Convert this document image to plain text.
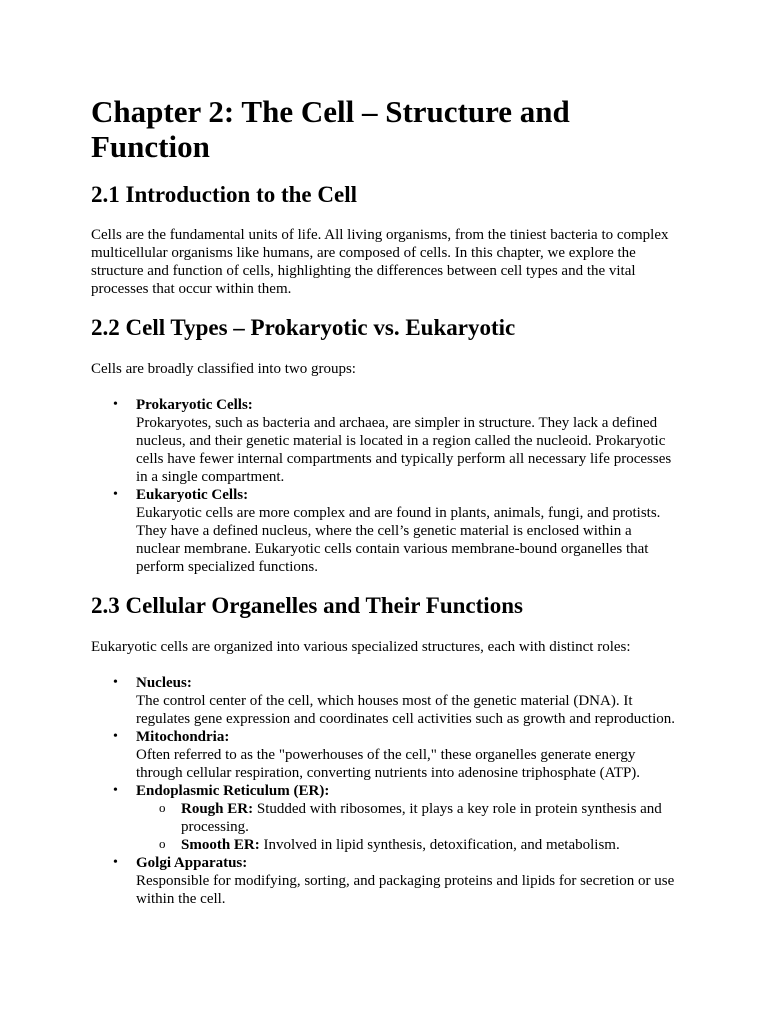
Chapter 2: The Cell – Structure and Function
2.1 Introduction to the Cell

Cells are the fundamental units of life. All living organisms, from the tiniest bacteria to complex multicellular organisms like humans, are composed of cells. In this chapter, we explore the structure and function of cells, highlighting the differences between cell types and the vital processes that occur within them.

2.2 Cell Types – Prokaryotic vs. Eukaryotic

Cells are broadly classified into two groups:

• Prokaryotic Cells:
Prokaryotes, such as bacteria and archaea, are simpler in structure. They lack a defined nucleus, and their genetic material is located in a region called the nucleoid. Prokaryotic cells have fewer internal compartments and typically perform all necessary life processes in a single compartment.
• Eukaryotic Cells:
Eukaryotic cells are more complex and are found in plants, animals, fungi, and protists. They have a defined nucleus, where the cell’s genetic material is enclosed within a nuclear membrane. Eukaryotic cells contain various membrane-bound organelles that perform specialized functions.
2.3 Cellular Organelles and Their Functions

Eukaryotic cells are organized into various specialized structures, each with distinct roles:

• Nucleus:
The control center of the cell, which houses most of the genetic material (DNA). It regulates gene expression and coordinates cell activities such as growth and reproduction.
• Mitochondria:
Often referred to as the "powerhouses of the cell," these organelles generate energy through cellular respiration, converting nutrients into adenosine triphosphate (ATP).
• Endoplasmic Reticulum (ER):
o Rough ER: Studded with ribosomes, it plays a key role in protein synthesis and processing.
o Smooth ER: Involved in lipid synthesis, detoxification, and metabolism.
• Golgi Apparatus:
Responsible for modifying, sorting, and packaging proteins and lipids for secretion or use within the cell.
